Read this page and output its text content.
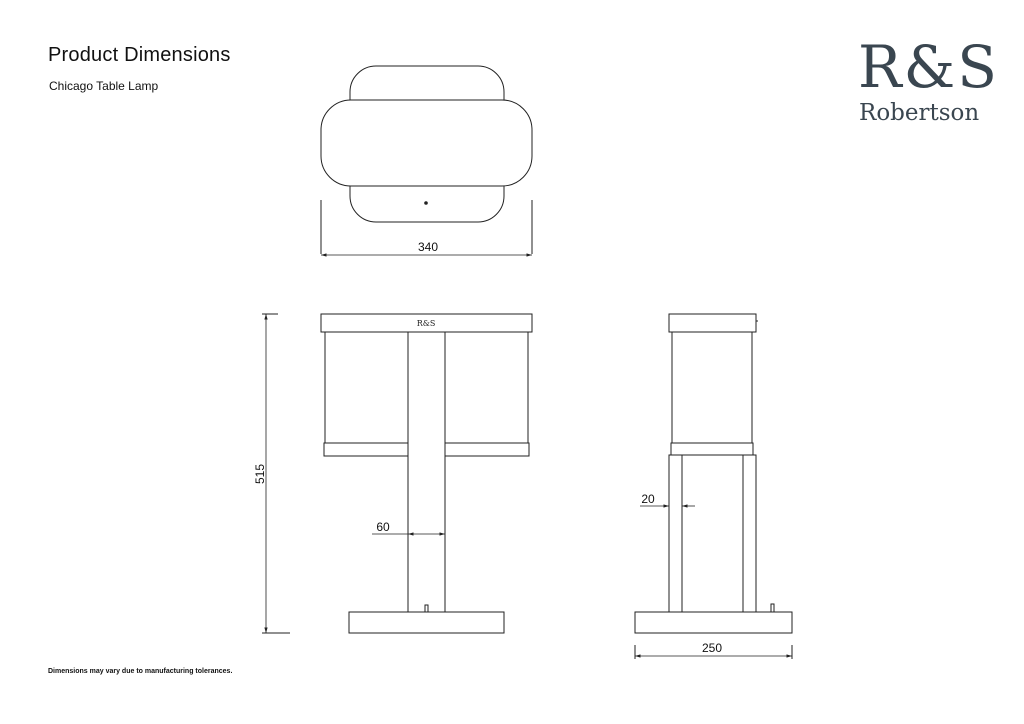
Product Dimensions
Chicago Table Lamp	R&S
Robertson
340
R&S
515
60
20
250
Dimensions may vary due to manufacturing tolerances.
